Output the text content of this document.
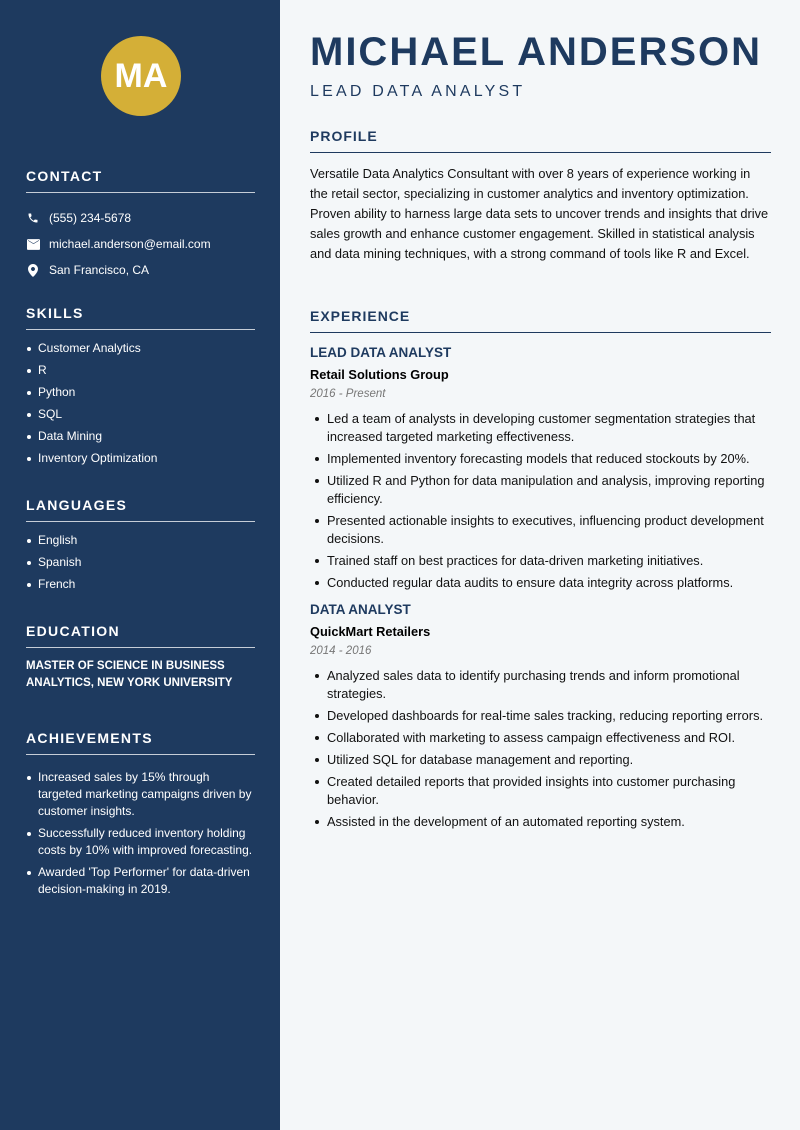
MA
CONTACT
(555) 234-5678
michael.anderson@email.com
San Francisco, CA
SKILLS
Customer Analytics
R
Python
SQL
Data Mining
Inventory Optimization
LANGUAGES
English
Spanish
French
EDUCATION

MASTER OF SCIENCE IN BUSINESS ANALYTICS, NEW YORK UNIVERSITY

ACHIEVEMENTS
Increased sales by 15% through targeted marketing campaigns driven by customer insights.
Successfully reduced inventory holding costs by 10% with improved forecasting.
Awarded 'Top Performer' for data-driven decision-making in 2019.
MICHAEL ANDERSON
LEAD DATA ANALYST
PROFILE

Versatile Data Analytics Consultant with over 8 years of experience working in the retail sector, specializing in customer analytics and inventory optimization. Proven ability to harness large data sets to uncover trends and insights that drive sales growth and enhance customer engagement. Skilled in statistical analysis and data mining techniques, with a strong command of tools like R and Excel.

EXPERIENCE
LEAD DATA ANALYST
Retail Solutions Group
2016 - Present
Led a team of analysts in developing customer segmentation strategies that increased targeted marketing effectiveness.
Implemented inventory forecasting models that reduced stockouts by 20%.
Utilized R and Python for data manipulation and analysis, improving reporting efficiency.
Presented actionable insights to executives, influencing product development decisions.
Trained staff on best practices for data-driven marketing initiatives.
Conducted regular data audits to ensure data integrity across platforms.
DATA ANALYST
QuickMart Retailers
2014 - 2016
Analyzed sales data to identify purchasing trends and inform promotional strategies.
Developed dashboards for real-time sales tracking, reducing reporting errors.
Collaborated with marketing to assess campaign effectiveness and ROI.
Utilized SQL for database management and reporting.
Created detailed reports that provided insights into customer purchasing behavior.
Assisted in the development of an automated reporting system.
